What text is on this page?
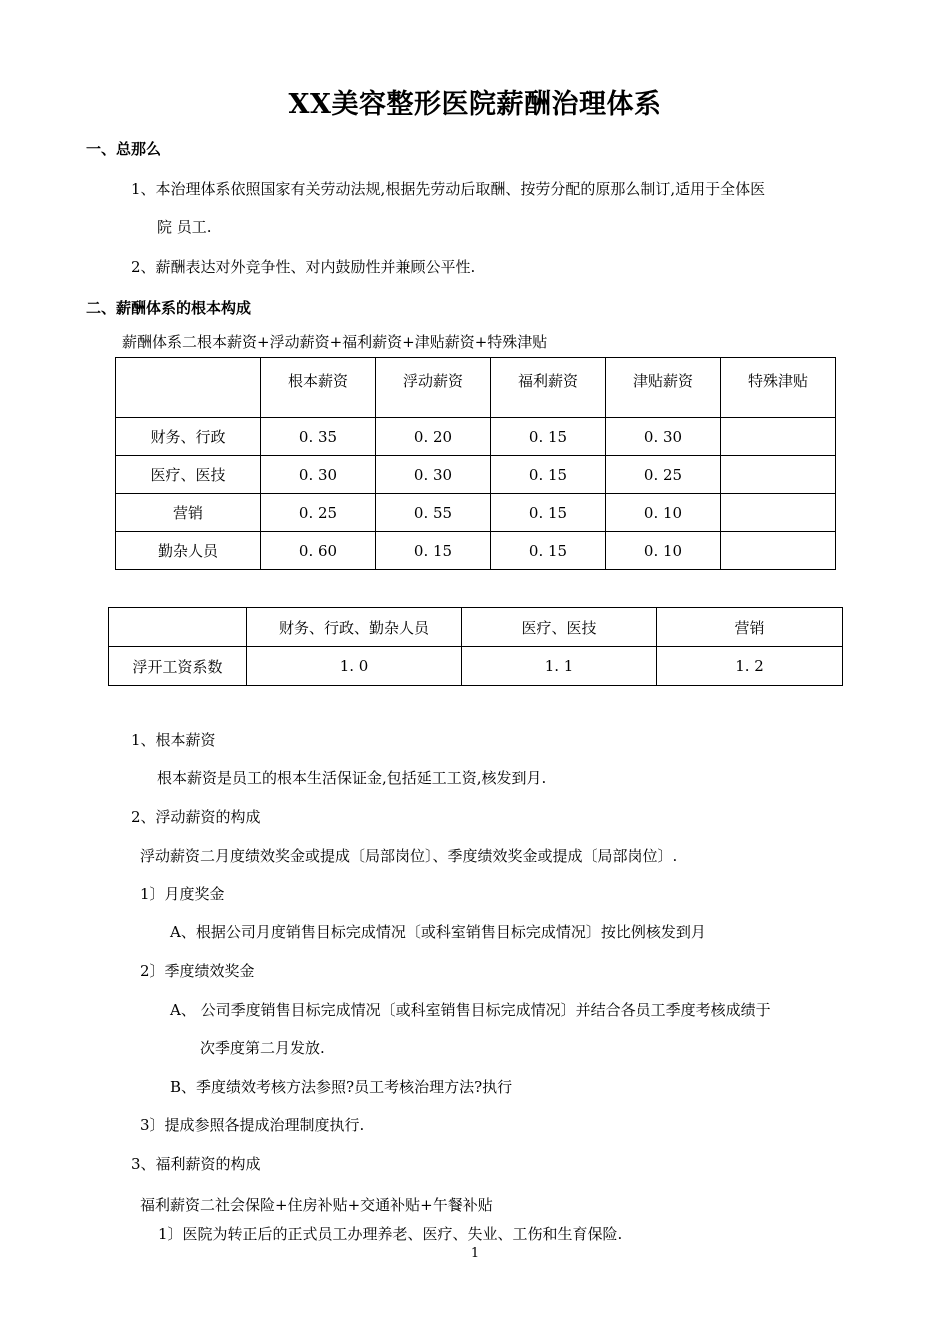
XX美容整形医院薪酬治理体系
一、总那么
1、本治理体系依照国家有关劳动法规,根据先劳动后取酬、按劳分配的原那么制订,适用于全体医
院 员工.
2、薪酬表达对外竞争性、对内鼓励性并兼顾公平性.
二、薪酬体系的根本构成
薪酬体系二根本薪资+浮动薪资+福利薪资+津贴薪资+特殊津贴
	根本薪资	浮动薪资	福利薪资	津贴薪资	特殊津贴
财务、行政	0. 35	0. 20	0. 15	0. 30	
医疗、医技	0. 30	0. 30	0. 15	0. 25	
营销	0. 25	0. 55	0. 15	0. 10	
勤杂人员	0. 60	0. 15	0. 15	0. 10	
	财务、行政、勤杂人员	医疗、医技	营销
浮开工资系数	1. 0	1. 1	1. 2
1、根本薪资
根本薪资是员工的根本生活保证金,包括延工工资,核发到月.
2、浮动薪资的构成
浮动薪资二月度绩效奖金或提成〔局部岗位〕、季度绩效奖金或提成〔局部岗位〕.
1〕月度奖金
A、根据公司月度销售目标完成情况〔或科室销售目标完成情况〕按比例核发到月
2〕季度绩效奖金
A、 公司季度销售目标完成情况〔或科室销售目标完成情况〕并结合各员工季度考核成绩于
次季度第二月发放.
B、季度绩效考核方法参照?员工考核治理方法?执行
3〕提成参照各提成治理制度执行.
3、福利薪资的构成
福利薪资二社会保险+住房补贴+交通补贴+午餐补贴
1〕医院为转正后的正式员工办理养老、医疗、失业、工伤和生育保险.
1
